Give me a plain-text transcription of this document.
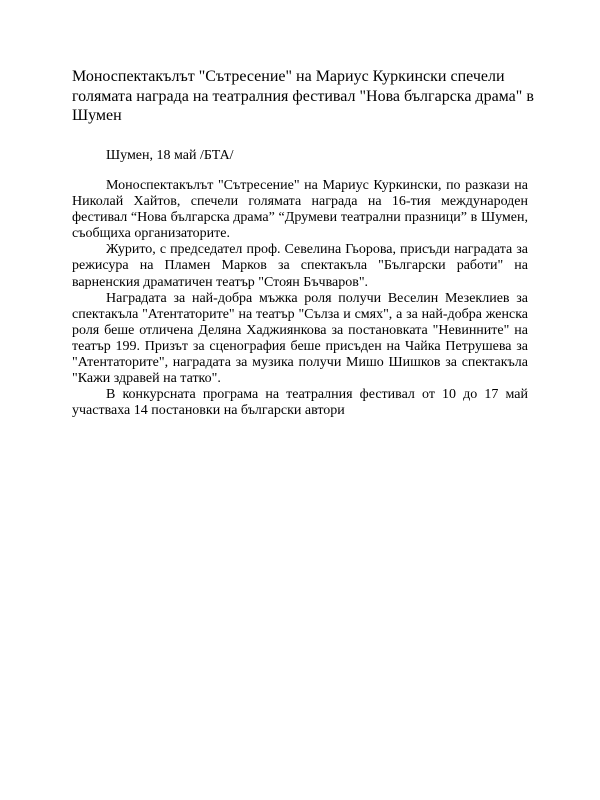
Моноспектакълът "Сътресение" на Мариус Куркински спечели голямата награда на театралния фестивал "Нова българска драма" в Шумен

Шумен, 18 май /БТА/

Моноспектакълът "Сътресение" на Мариус Куркински, по разкази на Николай Хайтов, спечели голямата награда на 16-тия международен фестивал “Нова българска драма” “Друмеви театрални празници” в Шумен, съобщиха организаторите.

Журито, с председател проф. Севелина Гьорова, присъди наградата за режисура на Пламен Марков за спектакъла "Български работи" на варненския драматичен театър "Стоян Бъчваров".

Наградата за най-добра мъжка роля получи Веселин Мезеклиев за спектакъла "Атентаторите" на театър "Сълза и смях", а за най-добра женска роля беше отличена Деляна Хаджиянкова за постановката "Невинните" на театър 199. Призът за сценография беше присъден на Чайка Петрушева за "Атентаторите", наградата за музика получи Мишо Шишков за спектакъла "Кажи здравей на татко".

В конкурсната програма на театралния фестивал от 10 до 17 май участваха 14 постановки на български автори
